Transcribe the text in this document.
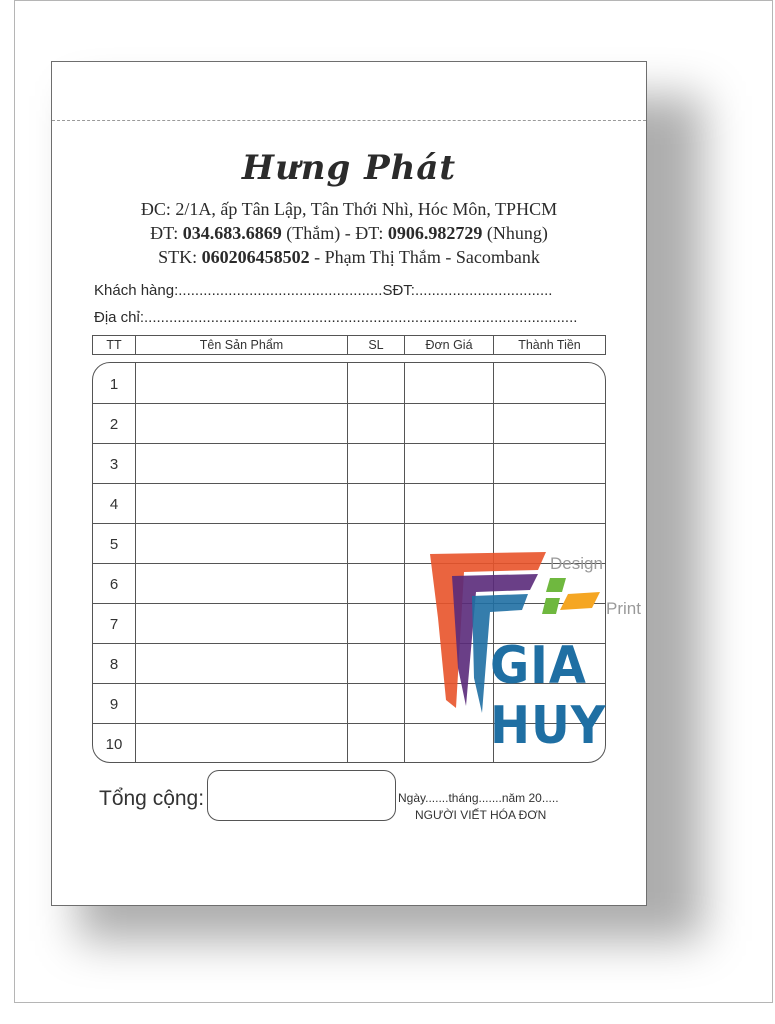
Hưng Phát
ĐC: 2/1A, ấp Tân Lập, Tân Thới Nhì, Hóc Môn, TPHCM
ĐT: 034.683.6869 (Thắm) - ĐT: 0906.982729 (Nhung)
STK: 060206458502 - Phạm Thị Thắm - Sacombank
Khách hàng:.................................................SĐT:.................................
Địa chỉ:........................................................................................................
TT	Tên Sản Phẩm	SL	Đơn Giá	Thành Tiền
1
2
3
4
5
6
7
8
9
10
Tổng cộng:	Ngày.......tháng.......năm 20.....
NGƯỜI VIẾT HÓA ĐƠN
Design
Print
GIA HUY
